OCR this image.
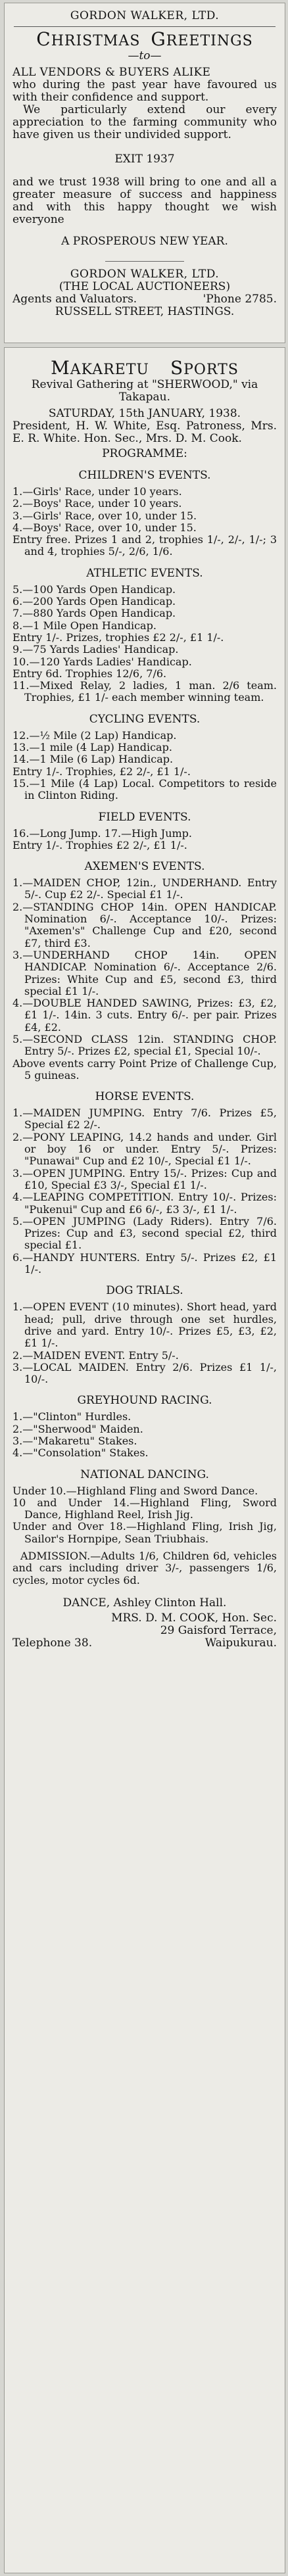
GORDON WALKER, LTD.

CHRISTMAS GREETINGS

—to—

ALL VENDORS & BUYERS ALIKE

who during the past year have favoured us with their confidence and support.

We particularly extend our every appreciation to the farming community who have given us their undivided support.

EXIT 1937

and we trust 1938 will bring to one and all a greater measure of success and happiness and with this happy thought we wish everyone

A PROSPEROUS NEW YEAR.

GORDON WALKER, LTD.

(THE LOCAL AUCTIONEERS)

Agents and Valuators.	'Phone 2785.

RUSSELL STREET, HASTINGS.

MAKARETU SPORTS

Revival Gathering at "SHERWOOD," via Takapau.

SATURDAY, 15th JANUARY, 1938.

President, H. W. White, Esq. Patroness, Mrs. E. R. White. Hon. Sec., Mrs. D. M. Cook.

PROGRAMME:

CHILDREN'S EVENTS.

1.—Girls' Race, under 10 years.

2.—Boys' Race, under 10 years.

3.—Girls' Race, over 10, under 15.

4.—Boys' Race, over 10, under 15.

Entry free. Prizes 1 and 2, trophies 1/-, 2/-, 1/-; 3 and 4, trophies 5/-, 2/6, 1/6.

ATHLETIC EVENTS.

5.—100 Yards Open Handicap.

6.—200 Yards Open Handicap.

7.—880 Yards Open Handicap.

8.—1 Mile Open Handicap.

Entry 1/-. Prizes, trophies £2 2/-, £1 1/-.

9.—75 Yards Ladies' Handicap.

10.—120 Yards Ladies' Handicap.

Entry 6d. Trophies 12/6, 7/6.

11.—Mixed Relay, 2 ladies, 1 man. 2/6 team. Trophies, £1 1/- each member winning team.

CYCLING EVENTS.

12.—½ Mile (2 Lap) Handicap.

13.—1 mile (4 Lap) Handicap.

14.—1 Mile (6 Lap) Handicap.

Entry 1/-. Trophies, £2 2/-, £1 1/-.

15.—1 Mile (4 Lap) Local. Competitors to reside in Clinton Riding.

FIELD EVENTS.

16.—Long Jump. 17.—High Jump.

Entry 1/-. Trophies £2 2/-, £1 1/-.

AXEMEN'S EVENTS.

1.—MAIDEN CHOP, 12in., UNDERHAND. Entry 5/-. Cup £2 2/-. Special £1 1/-.

2.—STANDING CHOP 14in. OPEN HANDICAP. Nomination 6/-. Acceptance 10/-. Prizes: "Axemen's" Challenge Cup and £20, second £7, third £3.

3.—UNDERHAND CHOP 14in. OPEN HANDICAP. Nomination 6/-. Acceptance 2/6. Prizes: White Cup and £5, second £3, third special £1 1/-.

4.—DOUBLE HANDED SAWING, Prizes: £3, £2, £1 1/-. 14in. 3 cuts. Entry 6/-. per pair. Prizes £4, £2.

5.—SECOND CLASS 12in. STANDING CHOP. Entry 5/-. Prizes £2, special £1, Special 10/-.

Above events carry Point Prize of Challenge Cup, 5 guineas.

HORSE EVENTS.

1.—MAIDEN JUMPING. Entry 7/6. Prizes £5, Special £2 2/-.

2.—PONY LEAPING, 14.2 hands and under. Girl or boy 16 or under. Entry 5/-. Prizes: "Punawai" Cup and £2 10/-, Special £1 1/-.

3.—OPEN JUMPING. Entry 15/-. Prizes: Cup and £10, Special £3 3/-, Special £1 1/-.

4.—LEAPING COMPETITION. Entry 10/-. Prizes: "Pukenui" Cup and £6 6/-, £3 3/-, £1 1/-.

5.—OPEN JUMPING (Lady Riders). Entry 7/6. Prizes: Cup and £3, second special £2, third special £1.

6.—HANDY HUNTERS. Entry 5/-. Prizes £2, £1 1/-.

DOG TRIALS.

1.—OPEN EVENT (10 minutes). Short head, yard head; pull, drive through one set hurdles, drive and yard. Entry 10/-. Prizes £5, £3, £2, £1 1/-.

2.—MAIDEN EVENT. Entry 5/-.

3.—LOCAL MAIDEN. Entry 2/6. Prizes £1 1/-, 10/-.

GREYHOUND RACING.

1.—"Clinton" Hurdles.

2.—"Sherwood" Maiden.

3.—"Makaretu" Stakes.

4.—"Consolation" Stakes.

NATIONAL DANCING.

Under 10.—Highland Fling and Sword Dance.

10 and Under 14.—Highland Fling, Sword Dance, Highland Reel, Irish Jig.

Under and Over 18.—Highland Fling, Irish Jig, Sailor's Hornpipe, Sean Triubhais.

ADMISSION.—Adults 1/6, Children 6d, vehicles and cars including driver 3/-, passengers 1/6, cycles, motor cycles 6d.

DANCE, Ashley Clinton Hall.

MRS. D. M. COOK, Hon. Sec.

29 Gaisford Terrace,

Telephone 38.	Waipukurau.
